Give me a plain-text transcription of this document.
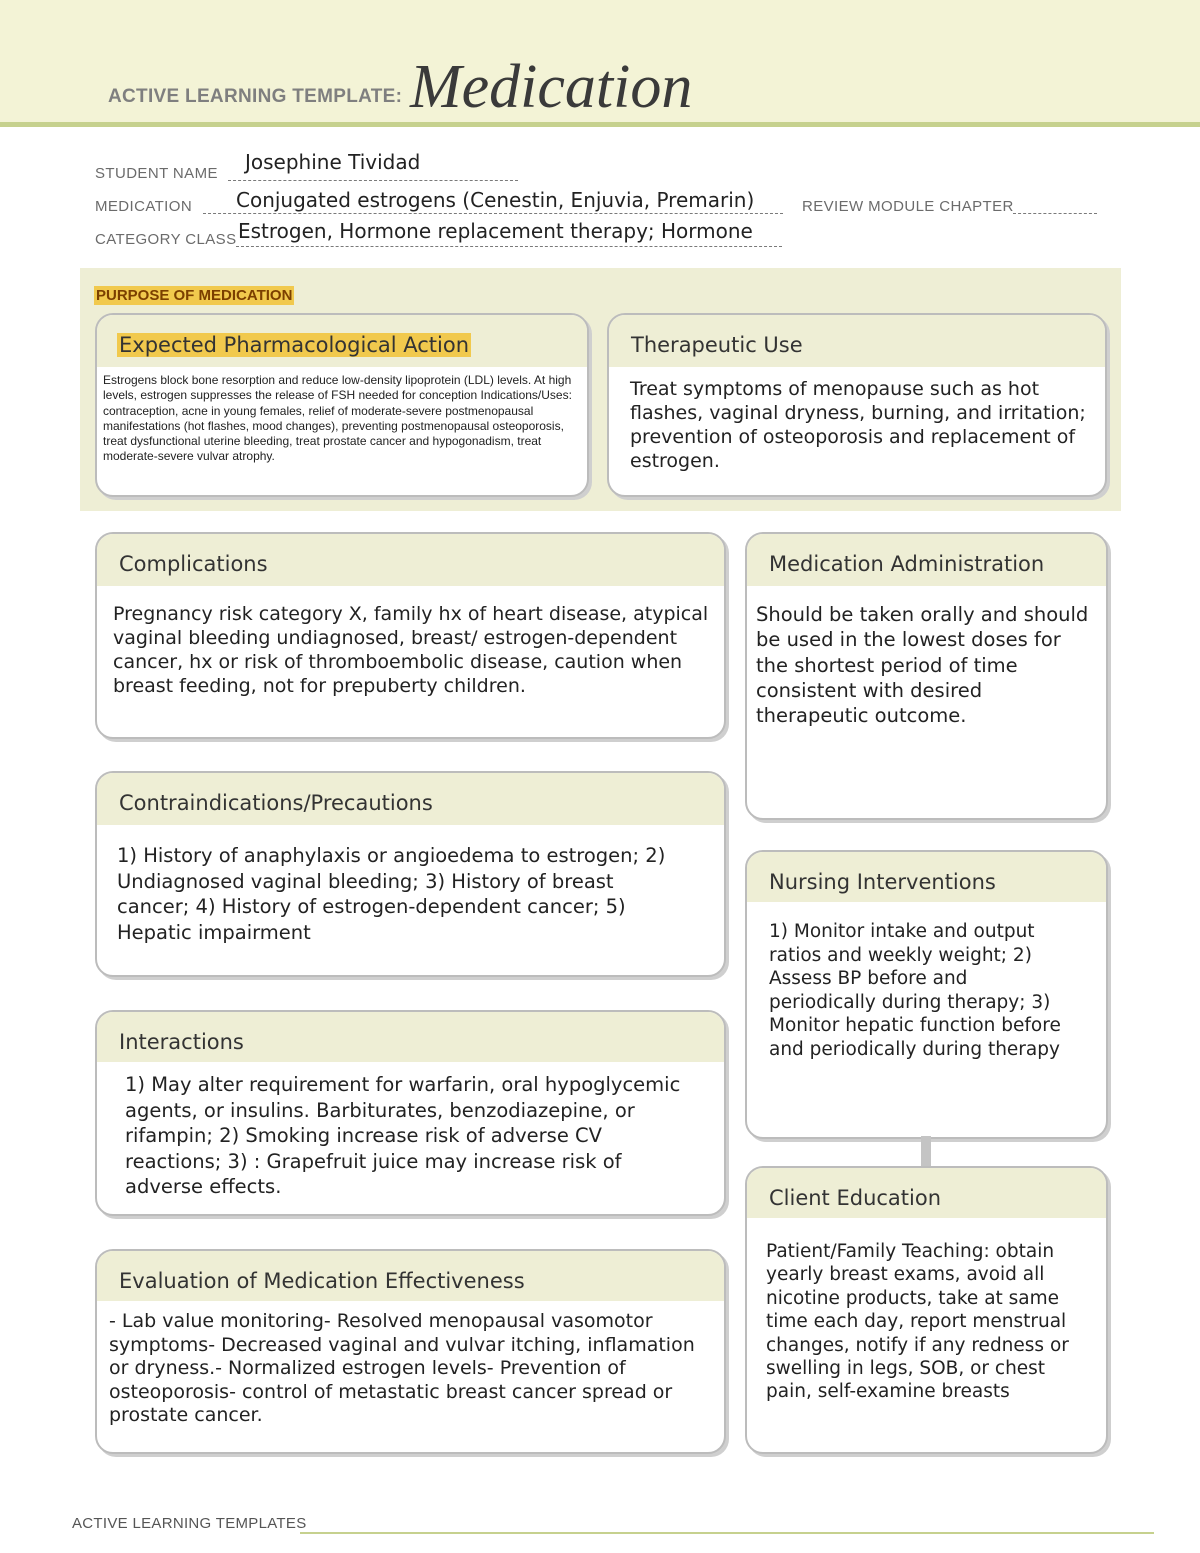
ACTIVE LEARNING TEMPLATE: Medication
STUDENT NAME Josephine Tividad
MEDICATION Conjugated estrogens (Cenestin, Enjuvia, Premarin)	REVIEW MODULE CHAPTER
CATEGORY CLASS Estrogen, Hormone replacement therapy; Hormone
PURPOSE OF MEDICATION
Expected Pharmacological Action
Estrogens block bone resorption and reduce low-density lipoprotein (LDL) levels. At high levels, estrogen suppresses the release of FSH needed for conception Indications/Uses: contraception, acne in young females, relief of moderate-severe postmenopausal manifestations (hot flashes, mood changes), preventing postmenopausal osteoporosis, treat dysfunctional uterine bleeding, treat prostate cancer and hypogonadism, treat moderate-severe vulvar atrophy.
Therapeutic Use
Treat symptoms of menopause such as hot flashes, vaginal dryness, burning, and irritation; prevention of osteoporosis and replacement of estrogen.
Complications
Pregnancy risk category X, family hx of heart disease, atypical vaginal bleeding undiagnosed, breast/ estrogen-dependent cancer, hx or risk of thromboembolic disease, caution when breast feeding, not for prepuberty children.
Medication Administration
Should be taken orally and should be used in the lowest doses for the shortest period of time consistent with desired therapeutic outcome.
Contraindications/Precautions
1) History of anaphylaxis or angioedema to estrogen; 2) Undiagnosed vaginal bleeding; 3) History of breast cancer; 4) History of estrogen-dependent cancer; 5) Hepatic impairment
Nursing Interventions
1) Monitor intake and output ratios and weekly weight; 2) Assess BP before and periodically during therapy; 3) Monitor hepatic function before and periodically during therapy
Interactions
1) May alter requirement for warfarin, oral hypoglycemic agents, or insulins. Barbiturates, benzodiazepine, or rifampin; 2) Smoking increase risk of adverse CV reactions; 3) : Grapefruit juice may increase risk of adverse effects.	Client Education
Patient/Family Teaching: obtain yearly breast exams, avoid all nicotine products, take at same time each day, report menstrual changes, notify if any redness or swelling in legs, SOB, or chest pain, self-examine breasts
Evaluation of Medication Effectiveness
- Lab value monitoring- Resolved menopausal vasomotor symptoms- Decreased vaginal and vulvar itching, inflamation or dryness.- Normalized estrogen levels- Prevention of osteoporosis- control of metastatic breast cancer spread or prostate cancer.
ACTIVE LEARNING TEMPLATES
